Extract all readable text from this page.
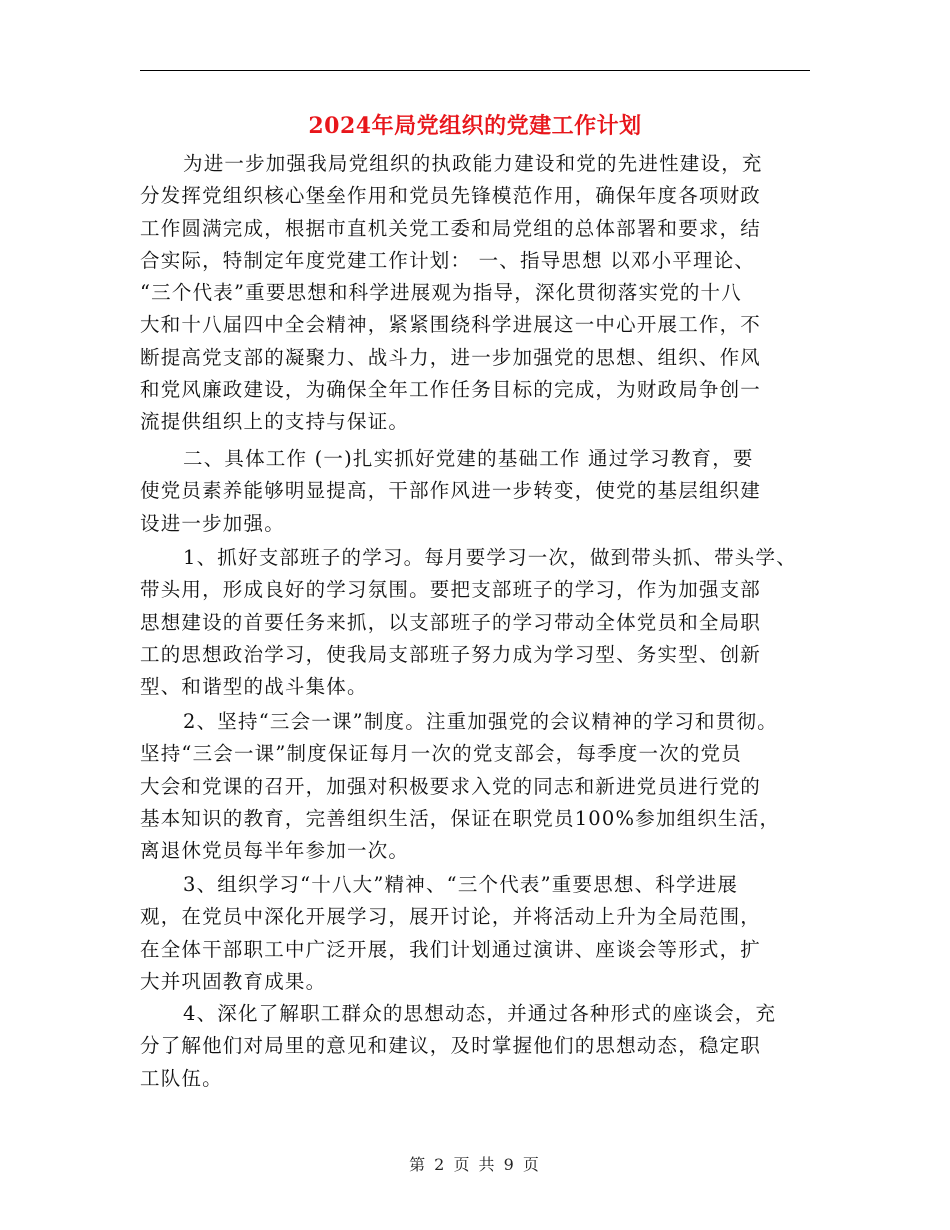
2024年局党组织的党建工作计划
为进一步加强我局党组织的执政能力建设和党的先进性建设，充
分发挥党组织核心堡垒作用和党员先锋模范作用，确保年度各项财政
工作圆满完成，根据市直机关党工委和局党组的总体部署和要求，结
合实际，特制定年度党建工作计划： 一、指导思想 以邓小平理论、
“三个代表”重要思想和科学进展观为指导，深化贯彻落实党的十八
大和十八届四中全会精神，紧紧围绕科学进展这一中心开展工作，不
断提高党支部的凝聚力、战斗力，进一步加强党的思想、组织、作风
和党风廉政建设，为确保全年工作任务目标的完成，为财政局争创一
流提供组织上的支持与保证。
二、具体工作 (一)扎实抓好党建的基础工作 通过学习教育，要
使党员素养能够明显提高，干部作风进一步转变，使党的基层组织建
设进一步加强。
1、抓好支部班子的学习。每月要学习一次，做到带头抓、带头学、
带头用，形成良好的学习氛围。要把支部班子的学习，作为加强支部
思想建设的首要任务来抓，以支部班子的学习带动全体党员和全局职
工的思想政治学习，使我局支部班子努力成为学习型、务实型、创新
型、和谐型的战斗集体。
2、坚持“三会一课”制度。注重加强党的会议精神的学习和贯彻。
坚持“三会一课”制度保证每月一次的党支部会，每季度一次的党员
大会和党课的召开，加强对积极要求入党的同志和新进党员进行党的
基本知识的教育，完善组织生活，保证在职党员100%参加组织生活，
离退休党员每半年参加一次。
3、组织学习“十八大”精神、“三个代表”重要思想、科学进展
观，在党员中深化开展学习，展开讨论，并将活动上升为全局范围，
在全体干部职工中广泛开展，我们计划通过演讲、座谈会等形式，扩
大并巩固教育成果。
4、深化了解职工群众的思想动态，并通过各种形式的座谈会，充
分了解他们对局里的意见和建议，及时掌握他们的思想动态，稳定职
工队伍。
第 2 页 共 9 页
